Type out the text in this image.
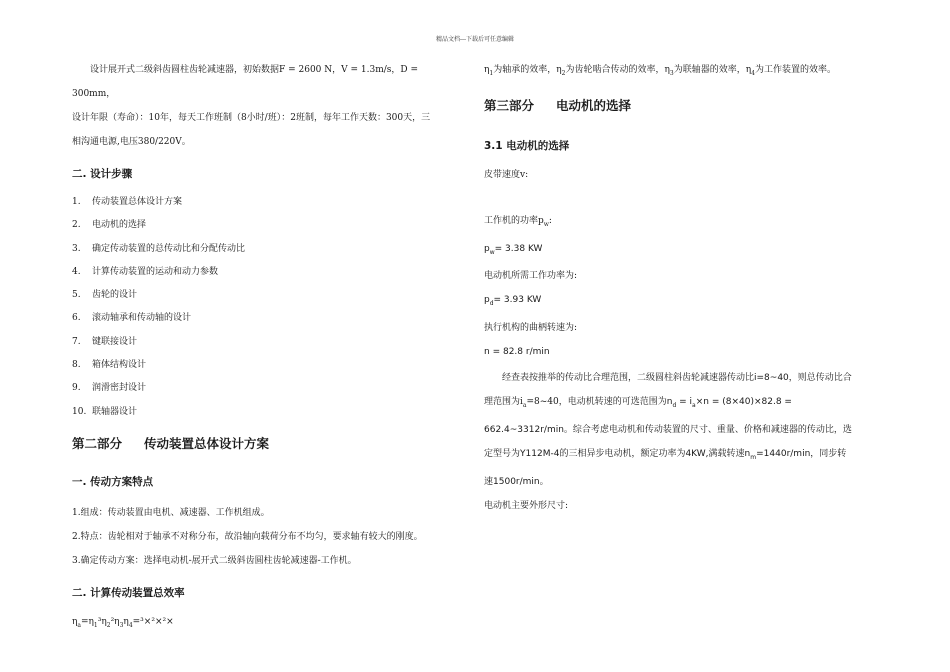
精品文档---下载后可任意编辑

设计展开式二级斜齿圆柱齿轮减速器，初始数据F = 2600 N，V = 1.3m/s，D = 300mm，

设计年限（寿命）：10年，每天工作班制（8小时/班）：2班制，每年工作天数：300天，三

相沟通电源,电压380/220V。

二. 设计步骤

1. 传动装置总体设计方案
2. 电动机的选择
3. 确定传动装置的总传动比和分配传动比
4. 计算传动装置的运动和动力参数
5. 齿轮的设计
6. 滚动轴承和传动轴的设计
7. 键联接设计
8. 箱体结构设计
9. 润滑密封设计
10. 联轴器设计

第二部分 传动装置总体设计方案

一. 传动方案特点

1.组成：传动装置由电机、减速器、工作机组成。

2.特点：齿轮相对于轴承不对称分布，故沿轴向载荷分布不均匀，要求轴有较大的刚度。

3.确定传动方案：选择电动机-展开式二级斜齿圆柱齿轮减速器-工作机。

二. 计算传动装置总效率

$\eta_a=\eta_1^3\eta_2^2\eta_3\eta_4=^3\times^2\times^2\times$

$\eta_1$为轴承的效率，$\eta_2$为齿轮啮合传动的效率，$\eta_3$为联轴器的效率，$\eta_4$为工作装置的效率。

第三部分 电动机的选择

3.1 电动机的选择

皮带速度v:

工作机的功率$p_w$:

$p_w= 3.38$ KW

电动机所需工作功率为:

$p_d= 3.93$ KW

执行机构的曲柄转速为:

n = 82.8 r/min

经查表按推举的传动比合理范围，二级圆柱斜齿轮减速器传动比i=8~40，则总传动比合

理范围为$i_a=8\sim 40$，电动机转速的可选范围为$n_d = i_a\times n = (8\times 40)\times 82.8$ =

662.4~3312r/min。综合考虑电动机和传动装置的尺寸、重量、价格和减速器的传动比，选

定型号为Y112M-4的三相异步电动机，额定功率为4KW,满载转速$n_m=1440r/\min$，同步转

速1500r/min。

电动机主要外形尺寸:
